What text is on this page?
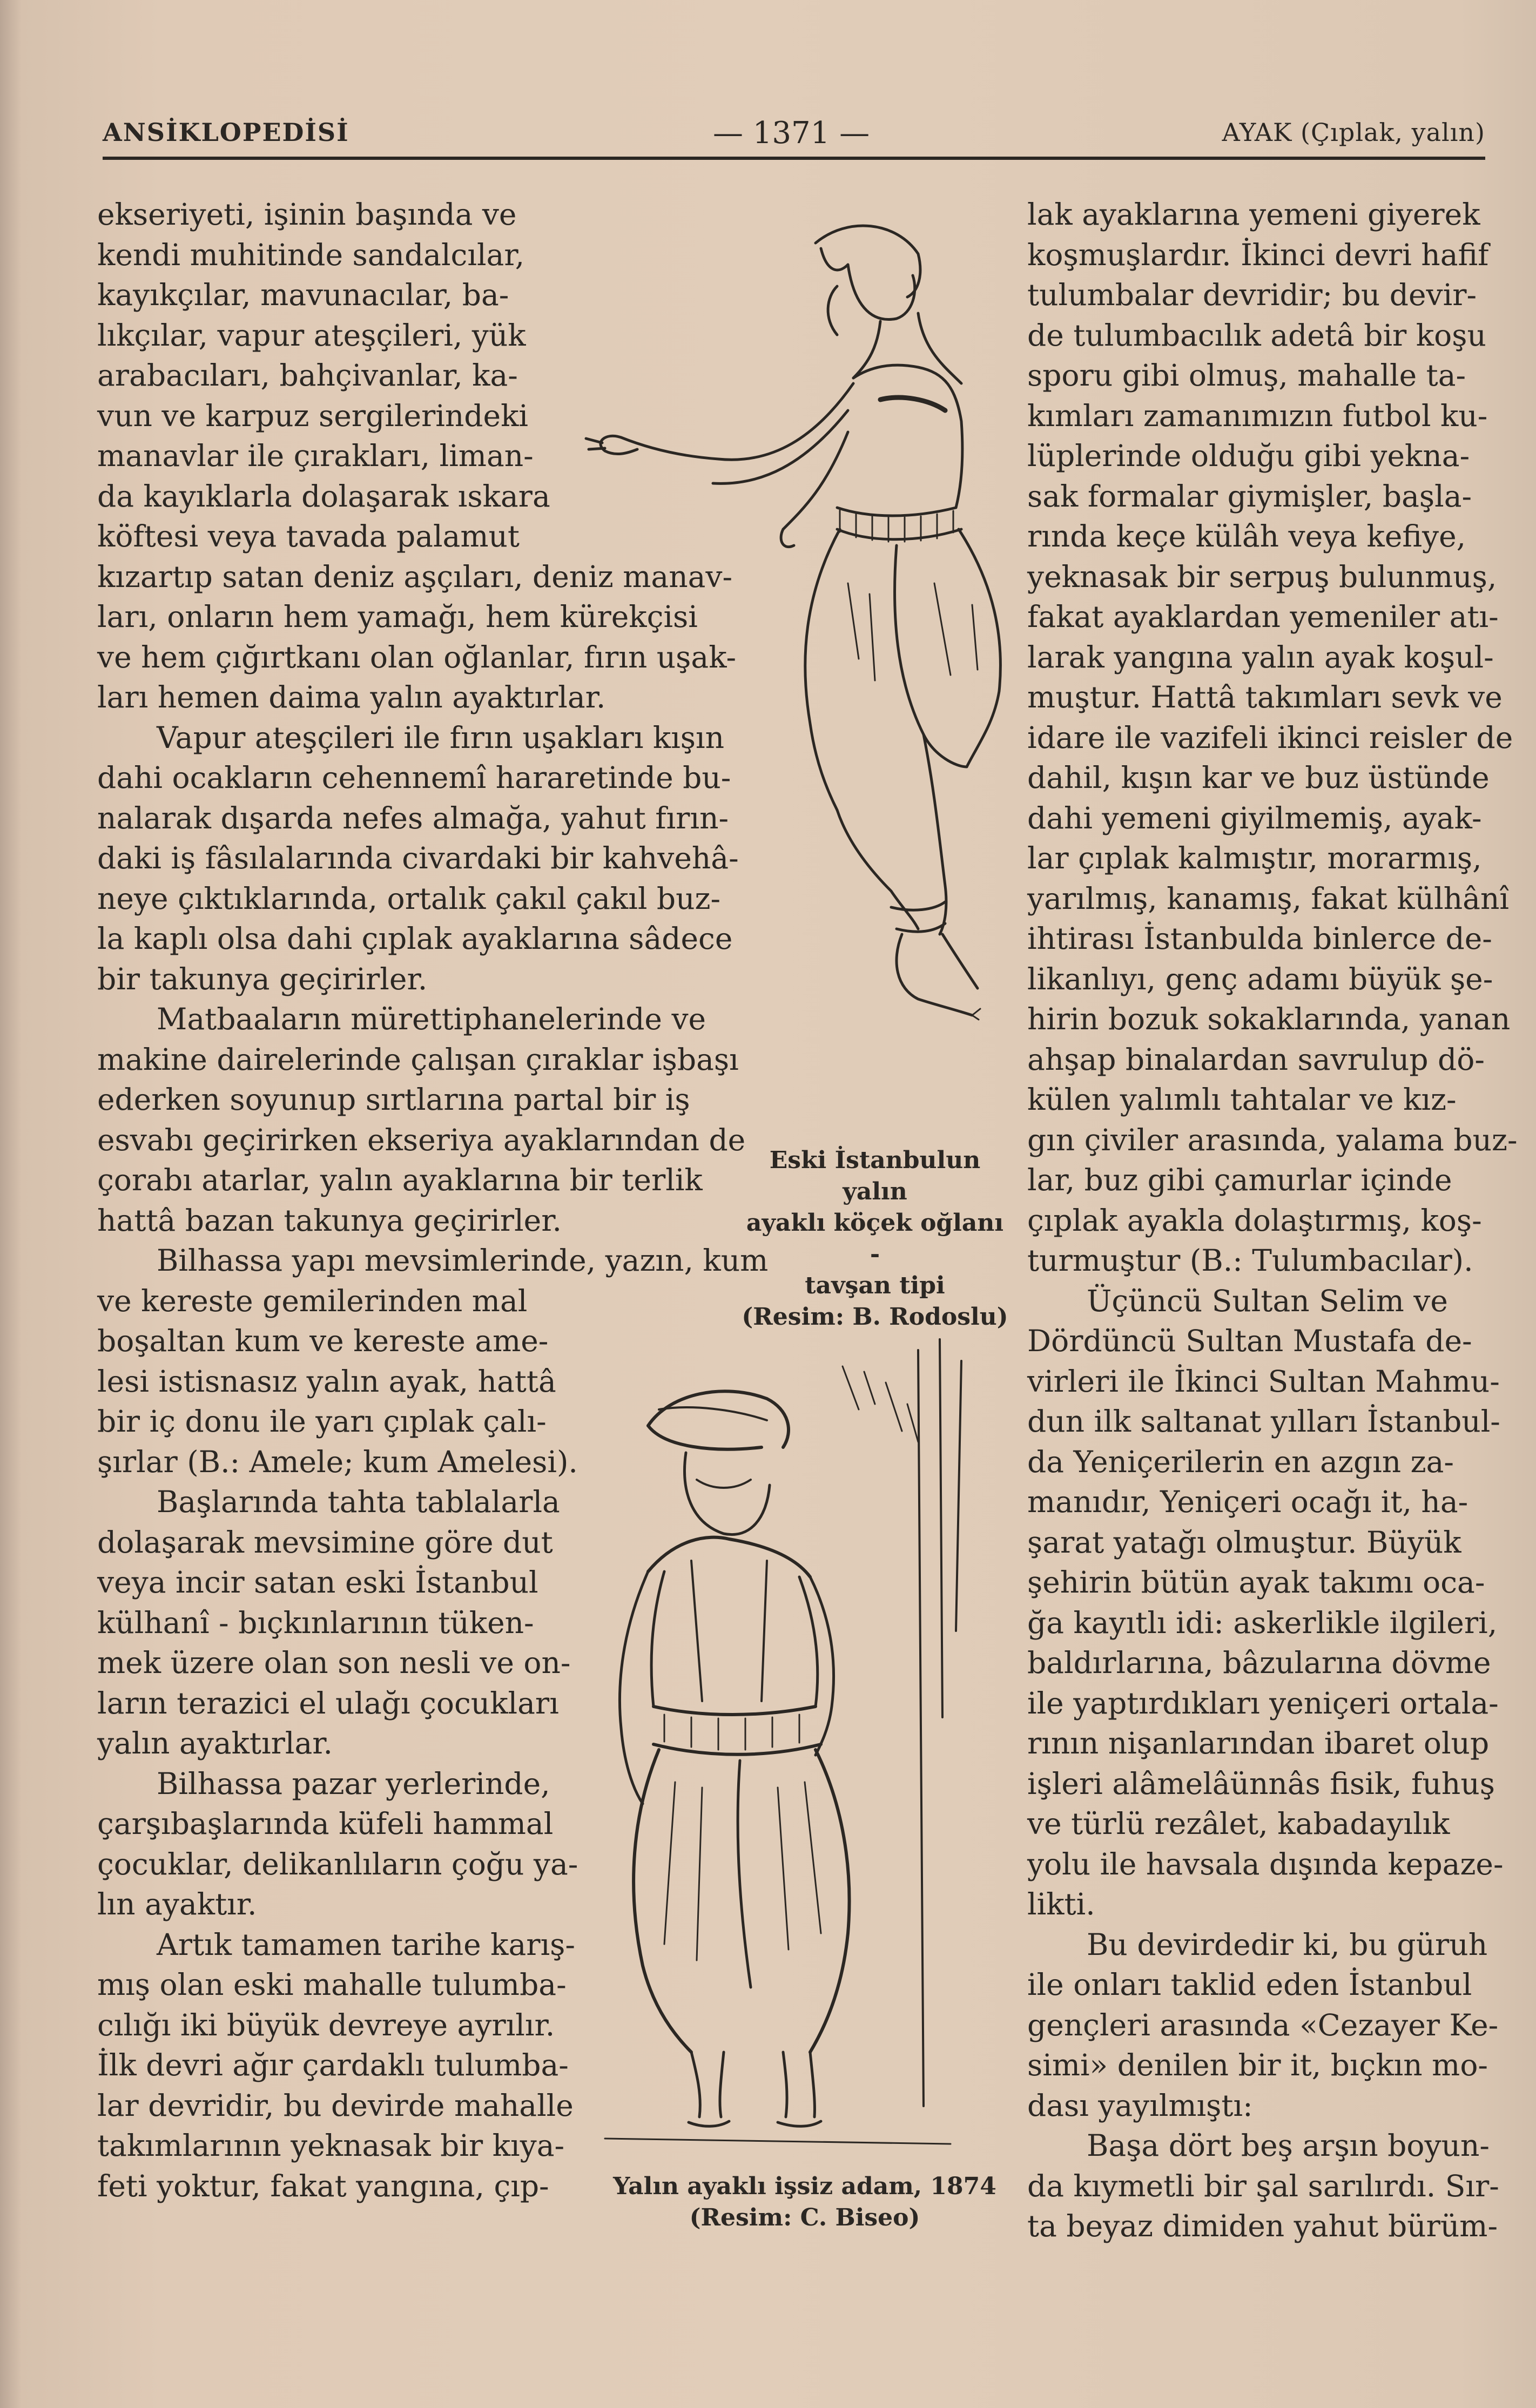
ANSİKLOPEDİSİ	— 1371 —	AYAK (Çıplak, yalın)
ekseriyeti, işinin başında ve
kendi muhitinde sandalcılar,
kayıkçılar, mavunacılar, ba-
lıkçılar, vapur ateşçileri, yük
arabacıları, bahçivanlar, ka-
vun ve karpuz sergilerindeki
manavlar ile çırakları, liman-
da kayıklarla dolaşarak ıskara
köftesi veya tavada palamut
kızartıp satan deniz aşçıları, deniz manav-
ları, onların hem yamağı, hem kürekçisi
ve hem çığırtkanı olan oğlanlar, fırın uşak-
ları hemen daima yalın ayaktırlar.
Vapur ateşçileri ile fırın uşakları kışın
dahi ocakların cehennemî hararetinde bu-
nalarak dışarda nefes almağa, yahut fırın-
daki iş fâsılalarında civardaki bir kahvehâ-
neye çıktıklarında, ortalık çakıl çakıl buz-
la kaplı olsa dahi çıplak ayaklarına sâdece
bir takunya geçirirler.
Matbaaların mürettiphanelerinde ve
makine dairelerinde çalışan çıraklar işbaşı
ederken soyunup sırtlarına partal bir iş
esvabı geçirirken ekseriya ayaklarından de
çorabı atarlar, yalın ayaklarına bir terlik
hattâ bazan takunya geçirirler.
Bilhassa yapı mevsimlerinde, yazın, kum
ve kereste gemilerinden mal
boşaltan kum ve kereste ame-
lesi istisnasız yalın ayak, hattâ
bir iç donu ile yarı çıplak çalı-
şırlar (B.: Amele; kum Amelesi).
Başlarında tahta tablalarla
dolaşarak mevsimine göre dut
veya incir satan eski İstanbul
külhanî - bıçkınlarının tüken-
mek üzere olan son nesli ve on-
ların terazici el ulağı çocukları
yalın ayaktırlar.
Bilhassa pazar yerlerinde,
çarşıbaşlarında küfeli hammal
çocuklar, delikanlıların çoğu ya-
lın ayaktır.
Artık tamamen tarihe karış-
mış olan eski mahalle tulumba-
cılığı iki büyük devreye ayrılır.
İlk devri ağır çardaklı tulumba-
lar devridir, bu devirde mahalle
takımlarının yeknasak bir kıya-
feti yoktur, fakat yangına, çıp-
lak ayaklarına yemeni giyerek
koşmuşlardır. İkinci devri hafif
tulumbalar devridir; bu devir-
de tulumbacılık adetâ bir koşu
sporu gibi olmuş, mahalle ta-
kımları zamanımızın futbol ku-
lüplerinde olduğu gibi yekna-
sak formalar giymişler, başla-
rında keçe külâh veya kefiye,
yeknasak bir serpuş bulunmuş,
fakat ayaklardan yemeniler atı-
larak yangına yalın ayak koşul-
muştur. Hattâ takımları sevk ve
idare ile vazifeli ikinci reisler de
dahil, kışın kar ve buz üstünde
dahi yemeni giyilmemiş, ayak-
lar çıplak kalmıştır, morarmış,
yarılmış, kanamış, fakat külhânî
ihtirası İstanbulda binlerce de-
likanlıyı, genç adamı büyük şe-
hirin bozuk sokaklarında, yanan
ahşap binalardan savrulup dö-
külen yalımlı tahtalar ve kız-
gın çiviler arasında, yalama buz-
lar, buz gibi çamurlar içinde
çıplak ayakla dolaştırmış, koş-
turmuştur (B.: Tulumbacılar).
Üçüncü Sultan Selim ve
Dördüncü Sultan Mustafa de-
virleri ile İkinci Sultan Mahmu-
dun ilk saltanat yılları İstanbul-
da Yeniçerilerin en azgın za-
manıdır, Yeniçeri ocağı it, ha-
şarat yatağı olmuştur. Büyük
şehirin bütün ayak takımı oca-
ğa kayıtlı idi: askerlikle ilgileri,
baldırlarına, bâzularına dövme
ile yaptırdıkları yeniçeri ortala-
rının nişanlarından ibaret olup
işleri alâmelâünnâs fisik, fuhuş
ve türlü rezâlet, kabadayılık
yolu ile havsala dışında kepaze-
likti.
Bu devirdedir ki, bu güruh
ile onları taklid eden İstanbul
gençleri arasında «Cezayer Ke-
simi» denilen bir it, bıçkın mo-
dası yayılmıştı:
Başa dört beş arşın boyun-
da kıymetli bir şal sarılırdı. Sır-
ta beyaz dimiden yahut bürüm-
Eski İstanbulun yalın
ayaklı köçek oğlanı -
tavşan tipi
(Resim: B. Rodoslu)
Yalın ayaklı işsiz adam, 1874
(Resim: C. Biseo)
